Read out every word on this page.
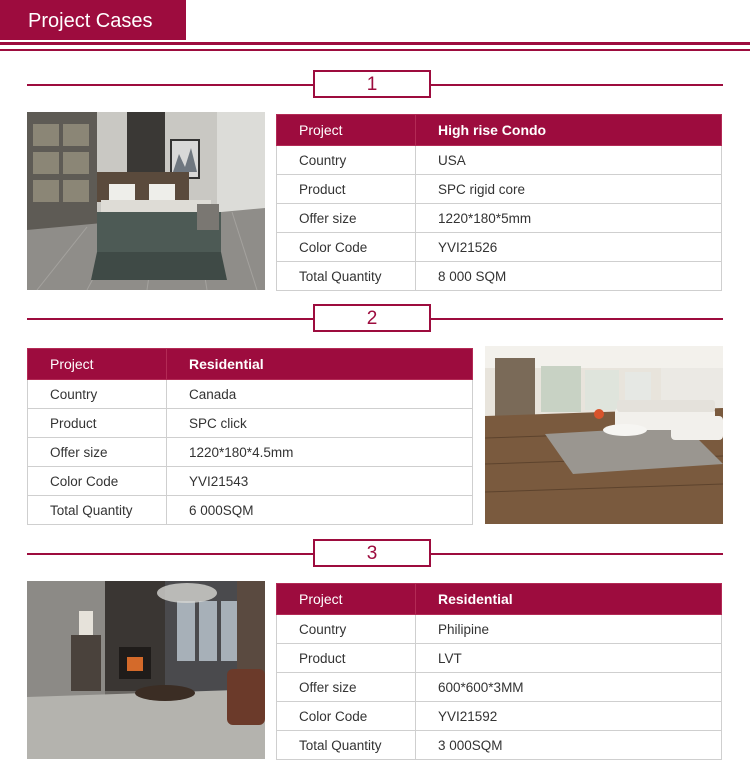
Project Cases
1
Project	High rise Condo
Country	USA
Product	SPC rigid core
Offer size	1220*180*5mm
Color Code	YVI21526
Total Quantity	8 000 SQM
2
Project	Residential
Country	Canada
Product	SPC click
Offer size	1220*180*4.5mm
Color Code	YVI21543
Total Quantity	6 000SQM
3
Project	Residential
Country	Philipine
Product	LVT
Offer size	600*600*3MM
Color Code	YVI21592
Total Quantity	3 000SQM
